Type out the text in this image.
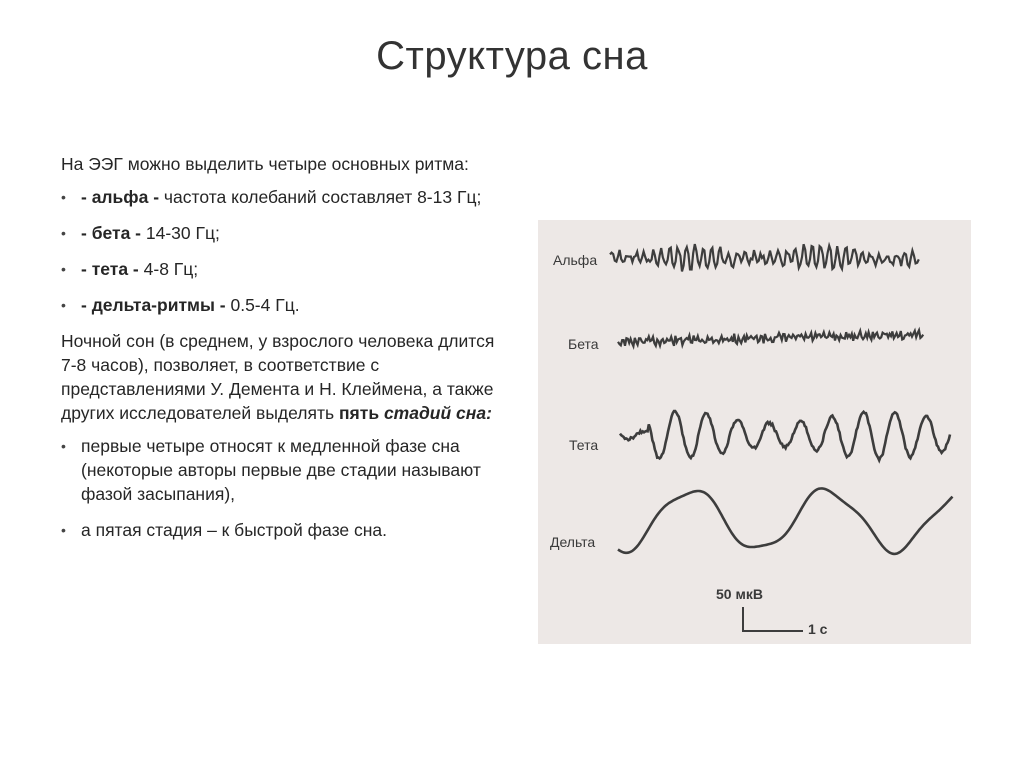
Структура сна

На ЭЭГ можно выделить четыре основных ритма:

• - альфа - частота колебаний составляет 8-13 Гц;
• - бета - 14-30 Гц;
• - тета - 4-8 Гц;
• - дельта-ритмы - 0.5-4 Гц.

Ночной сон (в среднем, у взрослого человека длится 7-8 часов), позволяет, в соответствие с представлениями У. Демента и Н. Клеймена, а также других исследователей выделять пять стадий сна:

• первые четыре относят к медленной фазе сна (некоторые авторы первые две стадии называют фазой засыпания),
• а пятая стадия – к быстрой фазе сна.
Альфа
Бета
Тета
Дельта
50 мкВ
1 с
